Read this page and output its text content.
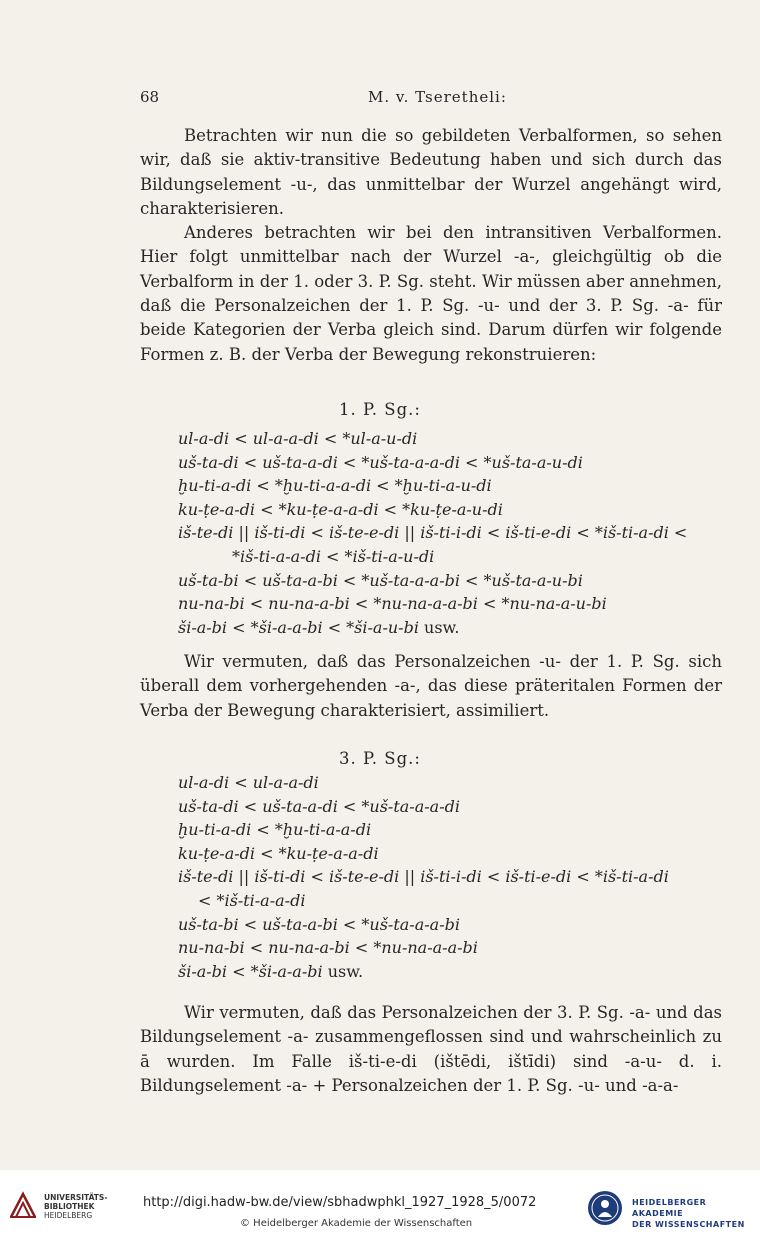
68	M. v. Tseretheli:

Betrachten wir nun die so gebildeten Verbalformen, so sehen wir, daß sie aktiv-transitive Bedeutung haben und sich durch das Bildungselement -u-, das unmittelbar der Wurzel angehängt wird, charakterisieren.

Anderes betrachten wir bei den intransitiven Verbalformen. Hier folgt unmittelbar nach der Wurzel -a-, gleichgültig ob die Verbalform in der 1. oder 3. P. Sg. steht. Wir müssen aber annehmen, daß die Personalzeichen der 1. P. Sg. -u- und der 3. P. Sg. -a- für beide Kategorien der Verba gleich sind. Darum dürfen wir folgende Formen z. B. der Verba der Bewegung rekonstruieren:

1. P. Sg.:
ul-a-di < ul-a-a-di < *ul-a-u-di
uš-ta-di < uš-ta-a-di < *uš-ta-a-a-di < *uš-ta-a-u-di
ḫu-ti-a-di < *ḫu-ti-a-a-di < *ḫu-ti-a-u-di
ku-ṭe-a-di < *ku-ṭe-a-a-di < *ku-ṭe-a-u-di
iš-te-di || iš-ti-di < iš-te-e-di || iš-ti-i-di < iš-ti-e-di < *iš-ti-a-di <
*iš-ti-a-a-di < *iš-ti-a-u-di
uš-ta-bi < uš-ta-a-bi < *uš-ta-a-a-bi < *uš-ta-a-u-bi
nu-na-bi < nu-na-a-bi < *nu-na-a-a-bi < *nu-na-a-u-bi
ši-a-bi < *ši-a-a-bi < *ši-a-u-bi usw.

Wir vermuten, daß das Personalzeichen -u- der 1. P. Sg. sich überall dem vorhergehenden -a-, das diese präteritalen Formen der Verba der Bewegung charakterisiert, assimiliert.

3. P. Sg.:
ul-a-di < ul-a-a-di
uš-ta-di < uš-ta-a-di < *uš-ta-a-a-di
ḫu-ti-a-di < *ḫu-ti-a-a-di
ku-ṭe-a-di < *ku-ṭe-a-a-di
iš-te-di || iš-ti-di < iš-te-e-di || iš-ti-i-di < iš-ti-e-di < *iš-ti-a-di
< *iš-ti-a-a-di
uš-ta-bi < uš-ta-a-bi < *uš-ta-a-a-bi
nu-na-bi < nu-na-a-bi < *nu-na-a-a-bi
ši-a-bi < *ši-a-a-bi usw.

Wir vermuten, daß das Personalzeichen der 3. P. Sg. -a- und das Bildungselement -a- zusammengeflossen sind und wahrscheinlich zu ā wurden. Im Falle iš-ti-e-di (ištēdi, ištīdi) sind -a-u- d. i. Bildungselement -a- + Personalzeichen der 1. P. Sg. -u- und -a-a-

UNIVERSITÄTS-
BIBLIOTHEK
HEIDELBERG
http://digi.hadw-bw.de/view/sbhadwphkl_1927_1928_5/0072
© Heidelberger Akademie der Wissenschaften
HEIDELBERGER AKADEMIE
DER WISSENSCHAFTEN
